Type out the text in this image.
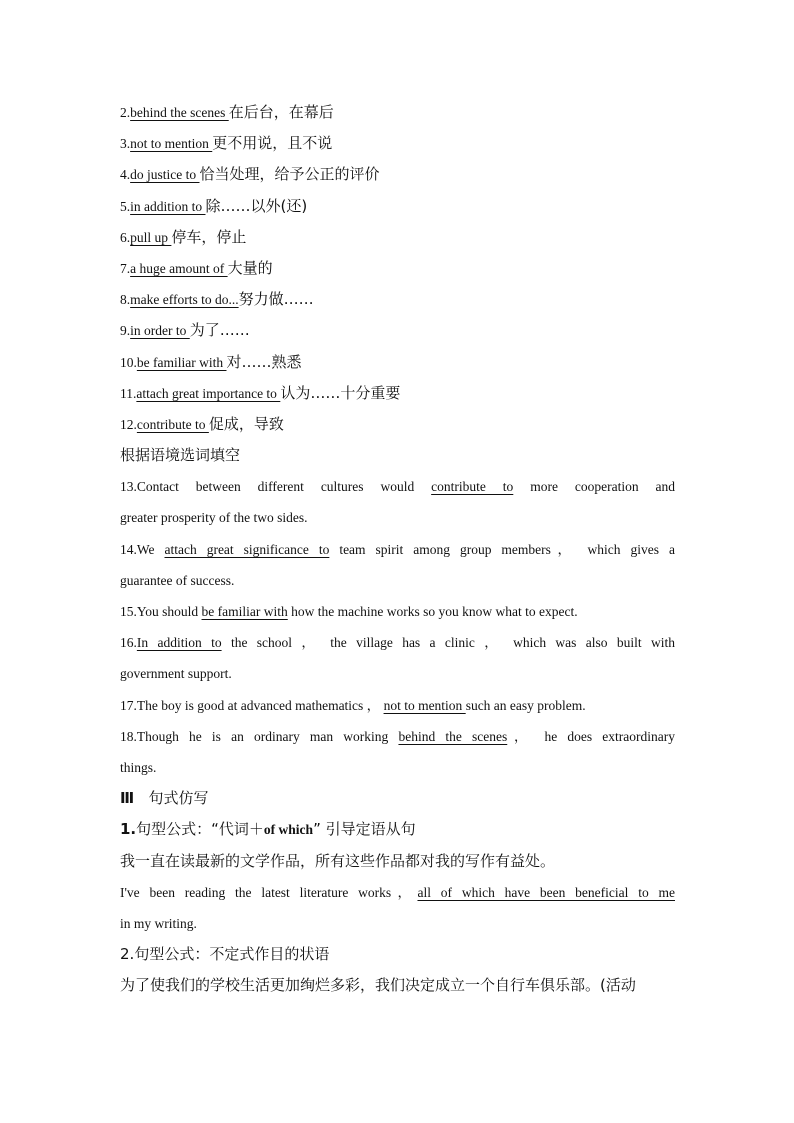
2.behind the scenes 在后台，在幕后
3.not to mention 更不用说，且不说
4.do justice to 恰当处理，给予公正的评价
5.in addition to 除……以外(还)
6.pull up 停车，停止
7.a huge amount of 大量的
8.make efforts to do...努力做……
9.in order to 为了……
10.be familiar with 对……熟悉
11.attach great importance to 认为……十分重要
12.contribute to 促成，导致
根据语境选词填空
13.Contact between different cultures would contribute to more cooperation and
greater prosperity of the two sides.
14.We attach great significance to team spirit among group members， which gives a
guarantee of success.
15.You should be familiar with how the machine works so you know what to expect.
16.In addition to the school ， the village has a clinic ， which was also built with
government support.
17.The boy is good at advanced mathematics ， not to mention such an easy problem.
18.Though he is an ordinary man working behind the scenes， he does extraordinary
things.
Ⅲ 句式仿写
1.句型公式：“代词＋of which” 引导定语从句
我一直在读最新的文学作品，所有这些作品都对我的写作有益处。
I've been reading the latest literature works，all of which have been beneficial to me
in my writing.
2.句型公式：不定式作目的状语
为了使我们的学校生活更加绚烂多彩，我们决定成立一个自行车俱乐部。(活动
